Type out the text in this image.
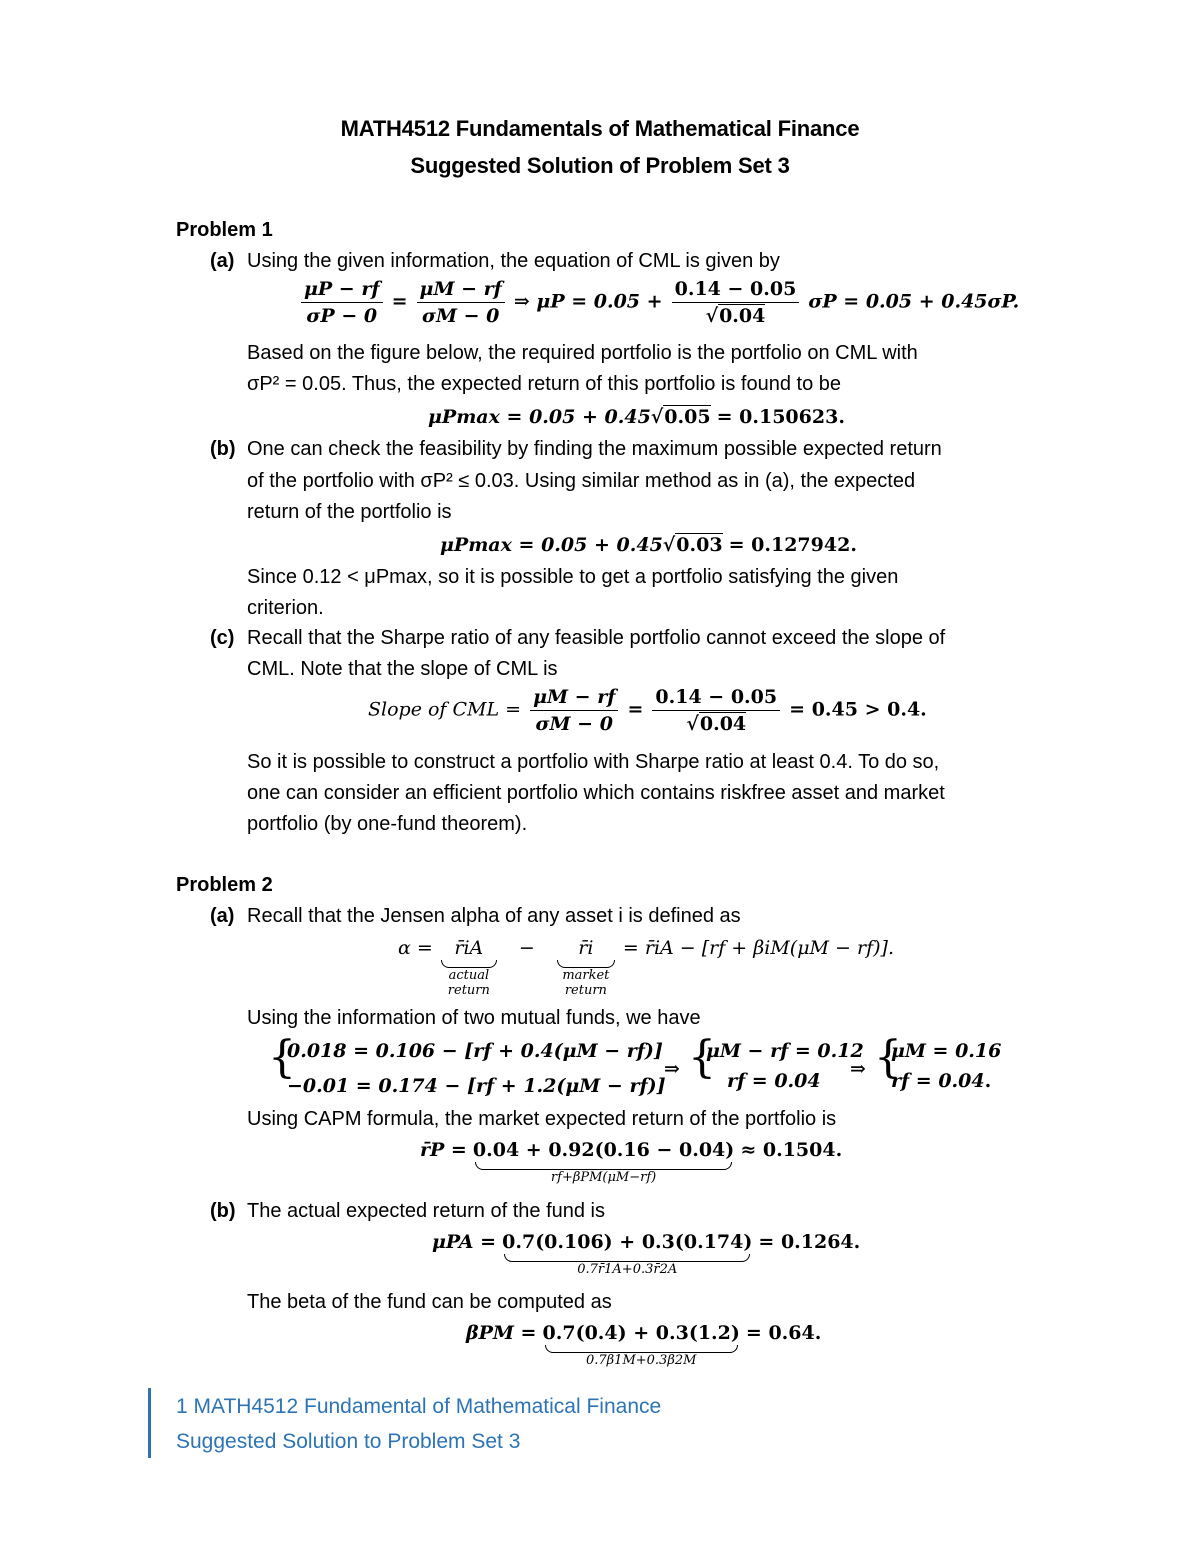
MATH4512 Fundamentals of Mathematical Finance
Suggested Solution of Problem Set 3
Problem 1
(a) Using the given information, the equation of CML is given by
$\frac{\mu P - rf}{\sigma P - 0} = \frac{\mu M - rf}{\sigma M - 0}$ ⇒ $\mu P = 0.05 + \frac{0.14 - 0.05}{√0.04}$ σP = 0.05 + 0.45σP.
Based on the figure below, the required portfolio is the portfolio on CML with
σP² = 0.05. Thus, the expected return of this portfolio is found to be
μPmax = 0.05 + 0.45√0.05 = 0.150623.
(b) One can check the feasibility by finding the maximum possible expected return
of the portfolio with σP² ≤ 0.03. Using similar method as in (a), the expected
return of the portfolio is
μPmax = 0.05 + 0.45√0.03 = 0.127942.
Since 0.12 < μPmax, so it is possible to get a portfolio satisfying the given
criterion.
(c) Recall that the Sharpe ratio of any feasible portfolio cannot exceed the slope of
CML. Note that the slope of CML is
Slope of CML = $\frac{\mu M - rf}{\sigma M - 0} = \frac{0.14 - 0.05}{√0.04} = 0.45 > 0.4$.
So it is possible to construct a portfolio with Sharpe ratio at least 0.4. To do so,
one can consider an efficient portfolio which contains riskfree asset and market
portfolio (by one-fund theorem).
Problem 2
(a) Recall that the Jensen alpha of any asset i is defined as
α =	r̄iA
actual return
−	r̄i
market return
= r̄iA − [rf + βiM(μM − rf)].
Using the information of two mutual funds, we have
{
0.018 = 0.106 − [rf + 0.4(μM − rf)]
−0.01 = 0.174 − [rf + 1.2(μM − rf)]
⇒ {
μM − rf = 0.12
rf = 0.04
⇒ {
μM = 0.16
rf = 0.04.
Using CAPM formula, the market expected return of the portfolio is
r̄P = 0.04 + 0.92(0.16 − 0.04)
rf+βPM(μM−rf)
≈ 0.1504.
(b) The actual expected return of the fund is
μPA = 0.7(0.106) + 0.3(0.174)
0.7r̄1A+0.3r̄2A
= 0.1264.
The beta of the fund can be computed as
βPM = 0.7(0.4) + 0.3(1.2)
0.7β1M+0.3β2M
= 0.64.
1 MATH4512 Fundamental of Mathematical Finance
Suggested Solution to Problem Set 3
